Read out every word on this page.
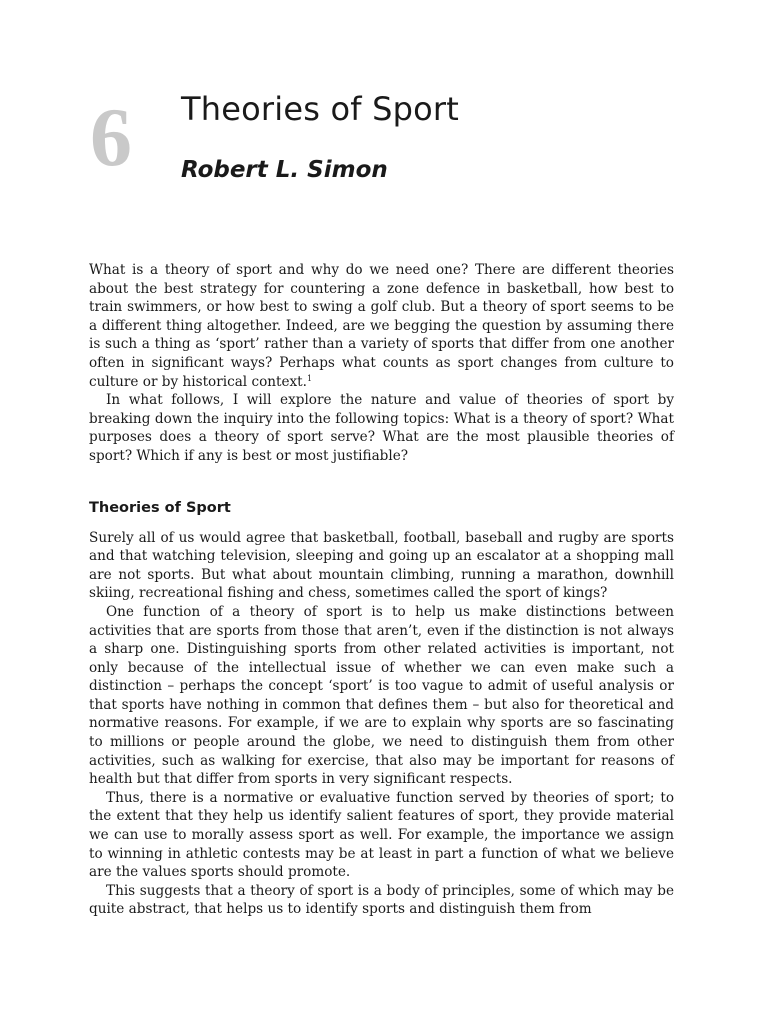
6 Theories of Sport
Robert L. Simon

What is a theory of sport and why do we need one? There are different theories about the best strategy for countering a zone defence in basketball, how best to train swimmers, or how best to swing a golf club. But a theory of sport seems to be a different thing altogether. Indeed, are we begging the question by assuming there is such a thing as ‘sport’ rather than a variety of sports that differ from one another often in significant ways? Perhaps what counts as sport changes from culture to culture or by historical context.$^1$

In what follows, I will explore the nature and value of theories of sport by breaking down the inquiry into the following topics: What is a theory of sport? What purposes does a theory of sport serve? What are the most plausible theories of sport? Which if any is best or most justifiable?

Theories of Sport

Surely all of us would agree that basketball, football, baseball and rugby are sports and that watching television, sleeping and going up an escalator at a shopping mall are not sports. But what about mountain climbing, running a marathon, downhill skiing, recreational fishing and chess, sometimes called the sport of kings?

One function of a theory of sport is to help us make distinctions between activities that are sports from those that aren’t, even if the distinction is not always a sharp one. Distinguishing sports from other related activities is important, not only because of the intellectual issue of whether we can even make such a distinction – perhaps the concept ‘sport’ is too vague to admit of useful analysis or that sports have nothing in common that defines them – but also for theoretical and normative reasons. For example, if we are to explain why sports are so fascinating to millions or people around the globe, we need to distinguish them from other activities, such as walking for exercise, that also may be important for reasons of health but that differ from sports in very significant respects.

Thus, there is a normative or evaluative function served by theories of sport; to the extent that they help us identify salient features of sport, they provide material we can use to morally assess sport as well. For example, the importance we assign to winning in athletic contests may be at least in part a function of what we believe are the values sports should promote.

This suggests that a theory of sport is a body of principles, some of which may be quite abstract, that helps us to identify sports and distinguish them from
